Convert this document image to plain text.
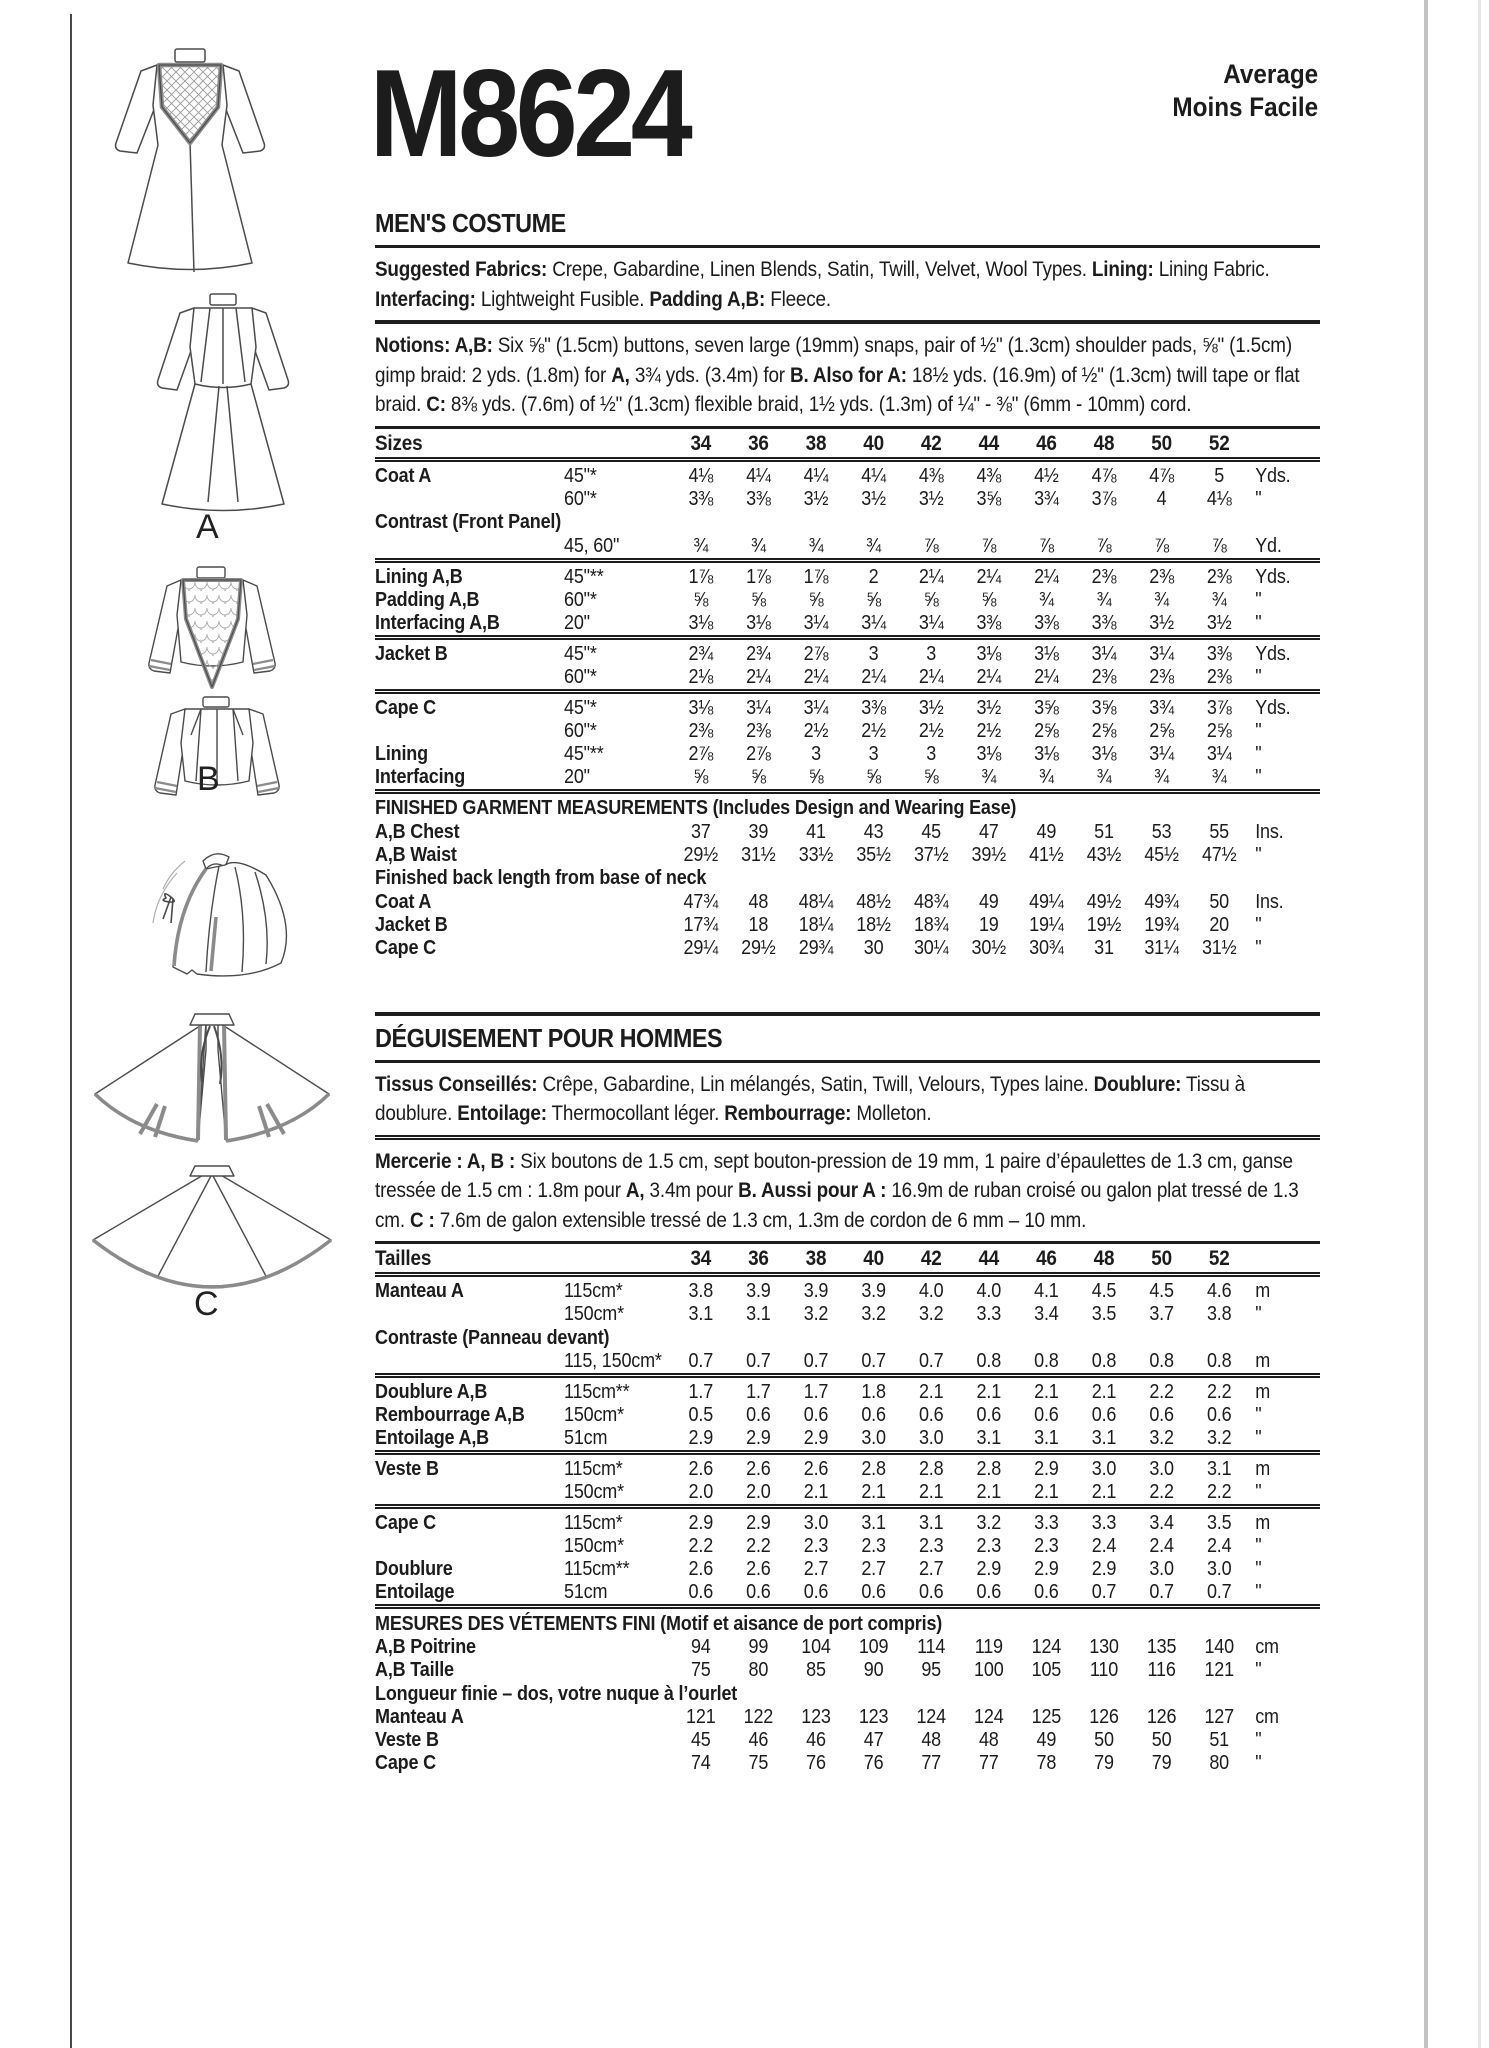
A
B
C
M8624	Average
Moins Facile
MEN'S COSTUME
Suggested Fabrics: Crepe, Gabardine, Linen Blends, Satin, Twill, Velvet, Wool Types. Lining: Lining Fabric. Interfacing: Lightweight Fusible. Padding A,B: Fleece.
Notions: A,B: Six ⅝" (1.5cm) buttons, seven large (19mm) snaps, pair of ½" (1.3cm) shoulder pads, ⅝" (1.5cm) gimp braid: 2 yds. (1.8m) for A, 3¾ yds. (3.4m) for B. Also for A: 18½ yds. (16.9m) of ½" (1.3cm) twill tape or flat braid. C: 8⅜ yds. (7.6m) of ½" (1.3cm) flexible braid, 1½ yds. (1.3m) of ¼" - ⅜" (6mm - 10mm) cord.
Sizes	34	36	38	40	42	44	46	48	50	52
Coat A	45"*	4⅛	4¼	4¼	4¼	4⅜	4⅜	4½	4⅞	4⅞	5	Yds.
60"*	3⅜	3⅜	3½	3½	3½	3⅝	3¾	3⅞	4	4⅛	"
Contrast (Front Panel)
45, 60"	¾	¾	¾	¾	⅞	⅞	⅞	⅞	⅞	⅞	Yd.
Lining A,B	45"**	1⅞	1⅞	1⅞	2	2¼	2¼	2¼	2⅜	2⅜	2⅜	Yds.
Padding A,B	60"*	⅝	⅝	⅝	⅝	⅝	⅝	¾	¾	¾	¾	"
Interfacing A,B	20"	3⅛	3⅛	3¼	3¼	3¼	3⅜	3⅜	3⅜	3½	3½	"
Jacket B	45"*	2¾	2¾	2⅞	3	3	3⅛	3⅛	3¼	3¼	3⅜	Yds.
60"*	2⅛	2¼	2¼	2¼	2¼	2¼	2¼	2⅜	2⅜	2⅜	"
Cape C	45"*	3⅛	3¼	3¼	3⅜	3½	3½	3⅝	3⅝	3¾	3⅞	Yds.
60"*	2⅜	2⅜	2½	2½	2½	2½	2⅝	2⅝	2⅝	2⅝	"
Lining	45"**	2⅞	2⅞	3	3	3	3⅛	3⅛	3⅛	3¼	3¼	"
Interfacing	20"	⅝	⅝	⅝	⅝	⅝	¾	¾	¾	¾	¾	"
FINISHED GARMENT MEASUREMENTS (Includes Design and Wearing Ease)
A,B Chest	37	39	41	43	45	47	49	51	53	55	Ins.
A,B Waist	29½	31½	33½	35½	37½	39½	41½	43½	45½	47½ "
Finished back length from base of neck
Coat A	47¾	48	48¼	48½	48¾	49	49¼	49½	49¾	50	Ins.
Jacket B	17¾	18	18¼	18½	18¾	19	19¼	19½	19¾	20	"
Cape C	29¼	29½	29¾	30	30¼	30½	30¾	31	31¼	31½ "
DÉGUISEMENT POUR HOMMES
Tissus Conseillés: Crêpe, Gabardine, Lin mélangés, Satin, Twill, Velours, Types laine. Doublure: Tissu à doublure. Entoilage: Thermocollant léger. Rembourrage: Molleton.
Mercerie : A, B : Six boutons de 1.5 cm, sept bouton-pression de 19 mm, 1 paire d’épaulettes de 1.3 cm, ganse tressée de 1.5 cm : 1.8m pour A, 3.4m pour B. Aussi pour A : 16.9m de ruban croisé ou galon plat tressé de 1.3 cm. C : 7.6m de galon extensible tressé de 1.3 cm, 1.3m de cordon de 6 mm – 10 mm.
Tailles	34	36	38	40	42	44	46	48	50	52
Manteau A	115cm*	3.8	3.9	3.9	3.9	4.0	4.0	4.1	4.5	4.5	4.6	m
150cm*	3.1	3.1	3.2	3.2	3.2	3.3	3.4	3.5	3.7	3.8	"
Contraste (Panneau devant)
115, 150cm*	0.7	0.7	0.7	0.7	0.7	0.8	0.8	0.8	0.8	0.8	m
Doublure A,B	115cm**	1.7	1.7	1.7	1.8	2.1	2.1	2.1	2.1	2.2	2.2	m
Rembourrage A,B	150cm*	0.5	0.6	0.6	0.6	0.6	0.6	0.6	0.6	0.6	0.6	"
Entoilage A,B	51cm	2.9	2.9	2.9	3.0	3.0	3.1	3.1	3.1	3.2	3.2	"
Veste B	115cm*	2.6	2.6	2.6	2.8	2.8	2.8	2.9	3.0	3.0	3.1	m
150cm*	2.0	2.0	2.1	2.1	2.1	2.1	2.1	2.1	2.2	2.2	"
Cape C	115cm*	2.9	2.9	3.0	3.1	3.1	3.2	3.3	3.3	3.4	3.5	m
150cm*	2.2	2.2	2.3	2.3	2.3	2.3	2.3	2.4	2.4	2.4	"
Doublure	115cm**	2.6	2.6	2.7	2.7	2.7	2.9	2.9	2.9	3.0	3.0	"
Entoilage	51cm	0.6	0.6	0.6	0.6	0.6	0.6	0.6	0.7	0.7	0.7	"
MESURES DES VÉTEMENTS FINI (Motif et aisance de port compris)
A,B Poitrine	94	99	104	109	114	119	124	130	135	140	cm
A,B Taille	75	80	85	90	95	100	105	110	116	121	"
Longueur finie – dos, votre nuque à l’ourlet
Manteau A	121	122	123	123	124	124	125	126	126	127	cm
Veste B	45	46	46	47	48	48	49	50	50	51	"
Cape C	74	75	76	76	77	77	78	79	79	80	"
